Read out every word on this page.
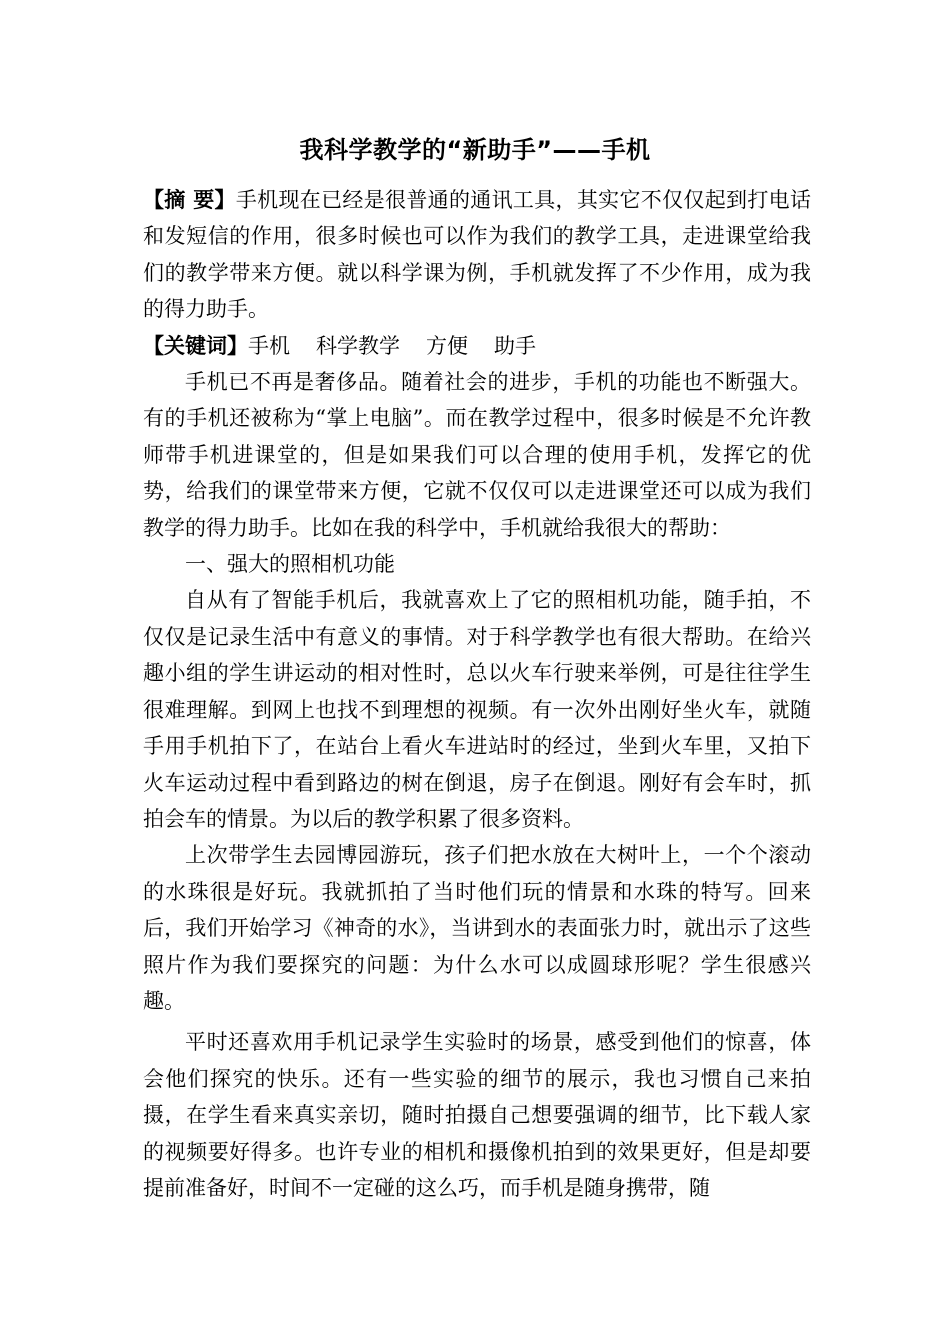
我科学教学的“新助手”——手机

【摘 要】手机现在已经是很普通的通讯工具，其实它不仅仅起到打电话和发短信的作用，很多时候也可以作为我们的教学工具，走进课堂给我们的教学带来方便。就以科学课为例，手机就发挥了不少作用，成为我的得力助手。

【关键词】手机 科学教学 方便 助手

手机已不再是奢侈品。随着社会的进步，手机的功能也不断强大。有的手机还被称为“掌上电脑”。而在教学过程中，很多时候是不允许教师带手机进课堂的，但是如果我们可以合理的使用手机，发挥它的优势，给我们的课堂带来方便，它就不仅仅可以走进课堂还可以成为我们教学的得力助手。比如在我的科学中，手机就给我很大的帮助：

一、强大的照相机功能

自从有了智能手机后，我就喜欢上了它的照相机功能，随手拍，不仅仅是记录生活中有意义的事情。对于科学教学也有很大帮助。在给兴趣小组的学生讲运动的相对性时，总以火车行驶来举例，可是往往学生很难理解。到网上也找不到理想的视频。有一次外出刚好坐火车，就随手用手机拍下了，在站台上看火车进站时的经过，坐到火车里，又拍下火车运动过程中看到路边的树在倒退，房子在倒退。刚好有会车时，抓拍会车的情景。为以后的教学积累了很多资料。

上次带学生去园博园游玩，孩子们把水放在大树叶上，一个个滚动的水珠很是好玩。我就抓拍了当时他们玩的情景和水珠的特写。回来后，我们开始学习《神奇的水》，当讲到水的表面张力时，就出示了这些照片作为我们要探究的问题：为什么水可以成圆球形呢？学生很感兴趣。

平时还喜欢用手机记录学生实验时的场景，感受到他们的惊喜，体会他们探究的快乐。还有一些实验的细节的展示，我也习惯自己来拍摄，在学生看来真实亲切，随时拍摄自己想要强调的细节，比下载人家的视频要好得多。也许专业的相机和摄像机拍到的效果更好，但是却要提前准备好，时间不一定碰的这么巧，而手机是随身携带，随
